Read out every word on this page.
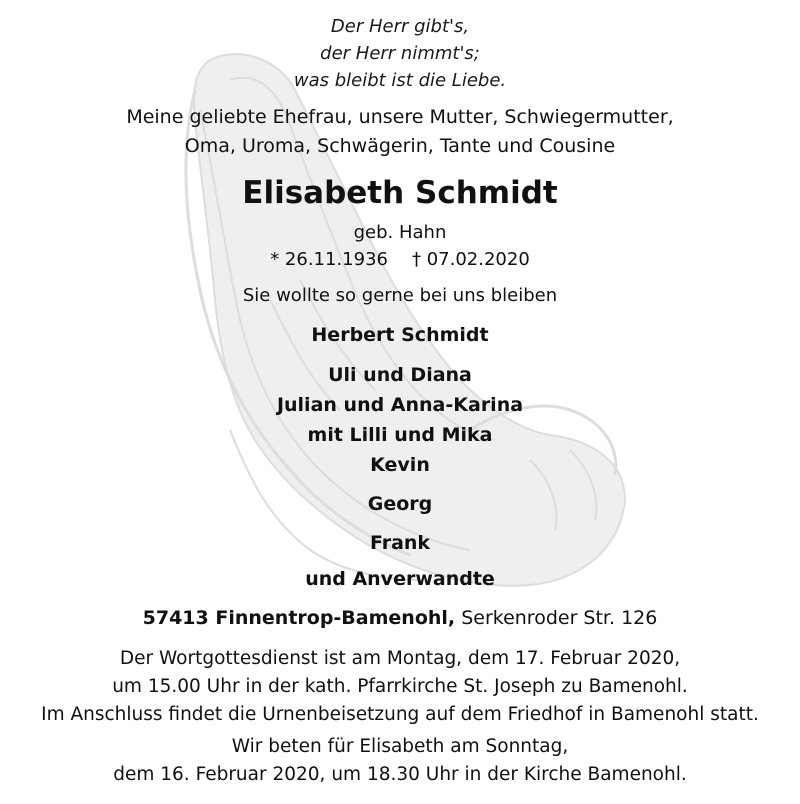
Der Herr gibt's,
der Herr nimmt's;
was bleibt ist die Liebe.
Meine geliebte Ehefrau, unsere Mutter, Schwiegermutter,
Oma, Uroma, Schwägerin, Tante und Cousine
Elisabeth Schmidt
geb. Hahn
* 26.11.1936 † 07.02.2020
Sie wollte so gerne bei uns bleiben
Herbert Schmidt
Uli und Diana
Julian und Anna-Karina
mit Lilli und Mika
Kevin
Georg
Frank
und Anverwandte
57413 Finnentrop-Bamenohl, Serkenroder Str. 126
Der Wortgottesdienst ist am Montag, dem 17. Februar 2020,
um 15.00 Uhr in der kath. Pfarrkirche St. Joseph zu Bamenohl.
Im Anschluss findet die Urnenbeisetzung auf dem Friedhof in Bamenohl statt.
Wir beten für Elisabeth am Sonntag,
dem 16. Februar 2020, um 18.30 Uhr in der Kirche Bamenohl.
